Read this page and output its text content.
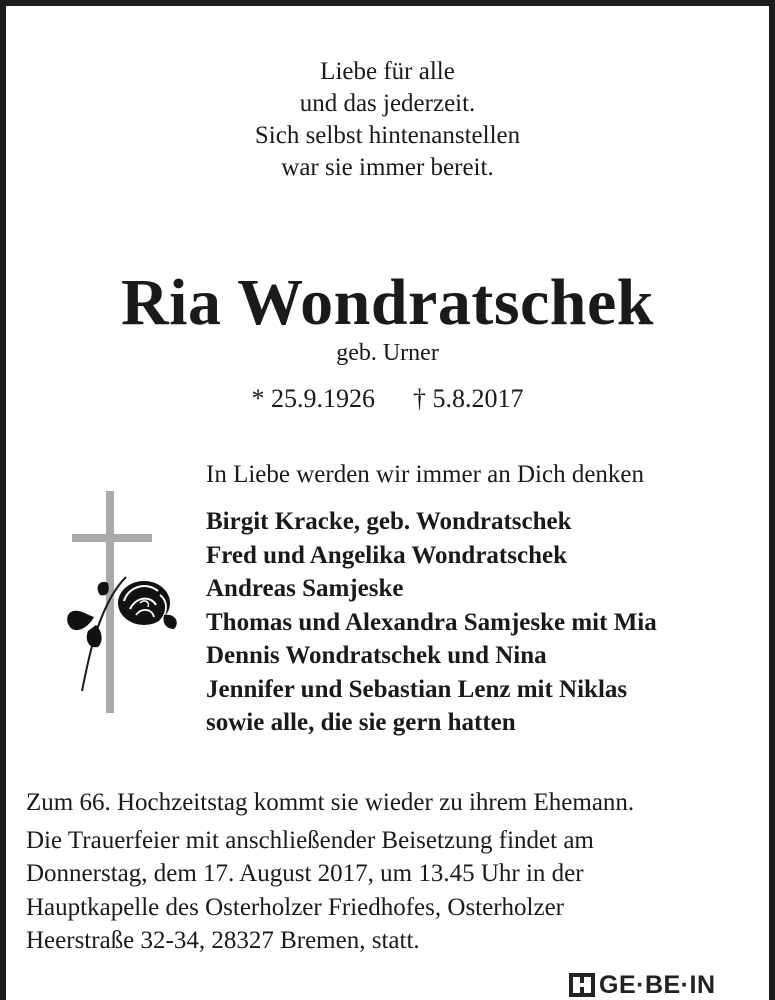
Liebe für alle
und das jederzeit.
Sich selbst hintenanstellen
war sie immer bereit.
Ria Wondratschek
geb. Urner
* 25.9.1926 † 5.8.2017
In Liebe werden wir immer an Dich denken
Birgit Kracke, geb. Wondratschek
Fred und Angelika Wondratschek
Andreas Samjeske
Thomas und Alexandra Samjeske mit Mia
Dennis Wondratschek und Nina
Jennifer und Sebastian Lenz mit Niklas
sowie alle, die sie gern hatten
Zum 66. Hochzeitstag kommt sie wieder zu ihrem Ehemann.
Die Trauerfeier mit anschließender Beisetzung findet am
Donnerstag, dem 17. August 2017, um 13.45 Uhr in der
Hauptkapelle des Osterholzer Friedhofes, Osterholzer
Heerstraße 32-34, 28327 Bremen, statt.
GE·BE·IN
